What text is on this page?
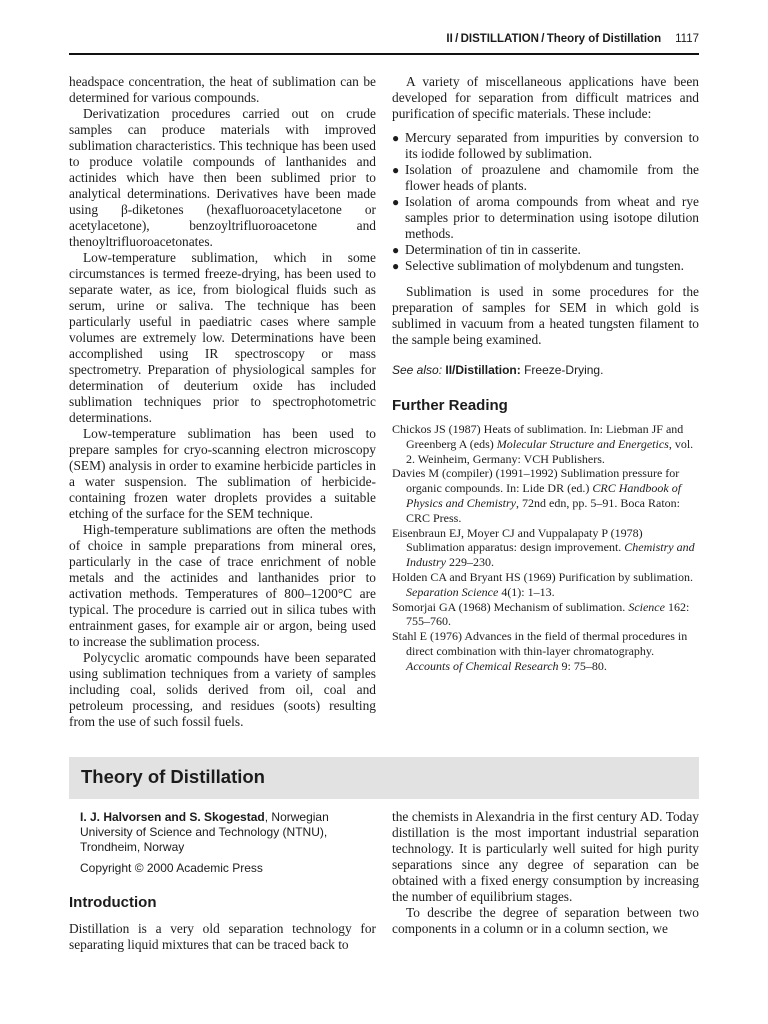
II / DISTILLATION / Theory of Distillation 1117

headspace concentration, the heat of sublimation can be determined for various compounds.

Derivatization procedures carried out on crude samples can produce materials with improved sublimation characteristics. This technique has been used to produce volatile compounds of lanthanides and actinides which have then been sublimed prior to analytical determinations. Derivatives have been made using β-diketones (hexafluoroacetylacetone or acetylacetone), benzoyltrifluoroacetone and thenoyltrifluoroacetonates.

Low-temperature sublimation, which in some circumstances is termed freeze-drying, has been used to separate water, as ice, from biological fluids such as serum, urine or saliva. The technique has been particularly useful in paediatric cases where sample volumes are extremely low. Determinations have been accomplished using IR spectroscopy or mass spectrometry. Preparation of physiological samples for determination of deuterium oxide has included sublimation techniques prior to spectrophotometric determinations.

Low-temperature sublimation has been used to prepare samples for cryo-scanning electron microscopy (SEM) analysis in order to examine herbicide particles in a water suspension. The sublimation of herbicide-containing frozen water droplets provides a suitable etching of the surface for the SEM technique.

High-temperature sublimations are often the methods of choice in sample preparations from mineral ores, particularly in the case of trace enrichment of noble metals and the actinides and lanthanides prior to activation methods. Temperatures of 800–1200°C are typical. The procedure is carried out in silica tubes with entrainment gases, for example air or argon, being used to increase the sublimation process.

Polycyclic aromatic compounds have been separated using sublimation techniques from a variety of samples including coal, solids derived from oil, coal and petroleum processing, and residues (soots) resulting from the use of such fossil fuels.

A variety of miscellaneous applications have been developed for separation from difficult matrices and purification of specific materials. These include:

● Mercury separated from impurities by conversion to its iodide followed by sublimation.
● Isolation of proazulene and chamomile from the flower heads of plants.
● Isolation of aroma compounds from wheat and rye samples prior to determination using isotope dilution methods.
● Determination of tin in casserite.
● Selective sublimation of molybdenum and tungsten.

Sublimation is used in some procedures for the preparation of samples for SEM in which gold is sublimed in vacuum from a heated tungsten filament to the sample being examined.

See also: II/Distillation: Freeze-Drying.
Further Reading
Chickos JS (1987) Heats of sublimation. In: Liebman JF and Greenberg A (eds) Molecular Structure and Energetics, vol. 2. Weinheim, Germany: VCH Publishers.
Davies M (compiler) (1991–1992) Sublimation pressure for organic compounds. In: Lide DR (ed.) CRC Handbook of Physics and Chemistry, 72nd edn, pp. 5–91. Boca Raton: CRC Press.
Eisenbraun EJ, Moyer CJ and Vuppalapaty P (1978) Sublimation apparatus: design improvement. Chemistry and Industry 229–230.
Holden CA and Bryant HS (1969) Purification by sublimation. Separation Science 4(1): 1–13.
Somorjai GA (1968) Mechanism of sublimation. Science 162: 755–760.
Stahl E (1976) Advances in the field of thermal procedures in direct combination with thin-layer chromatography. Accounts of Chemical Research 9: 75–80.
Theory of Distillation
I. J. Halvorsen and S. Skogestad, Norwegian University of Science and Technology (NTNU), Trondheim, Norway
Copyright © 2000 Academic Press
Introduction
Distillation is a very old separation technology for separating liquid mixtures that can be traced back to

the chemists in Alexandria in the first century AD. Today distillation is the most important industrial separation technology. It is particularly well suited for high purity separations since any degree of separation can be obtained with a fixed energy consumption by increasing the number of equilibrium stages.

To describe the degree of separation between two components in a column or in a column section, we
